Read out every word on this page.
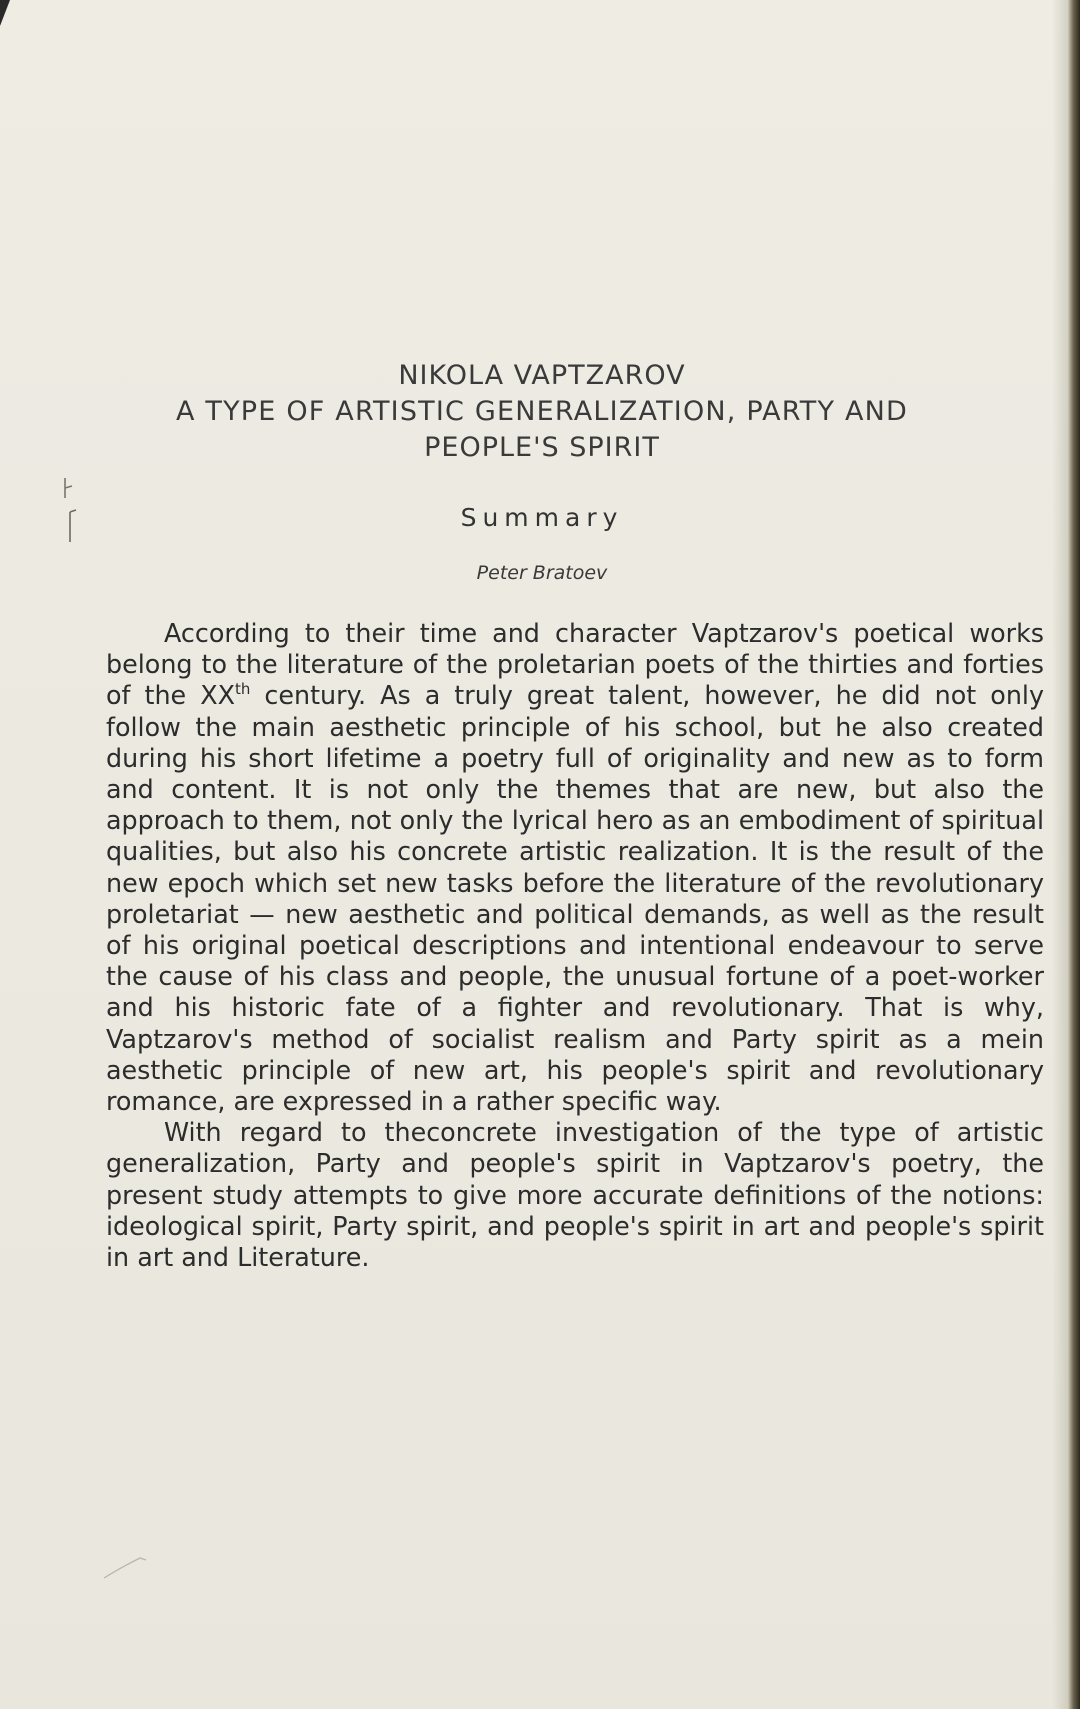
NIKOLA VAPTZAROV
A TYPE OF ARTISTIC GENERALIZATION, PARTY AND
PEOPLE'S SPIRIT
Summary
Peter Bratoev

According to their time and character Vaptzarov's poetical works belong to the literature of the proletarian poets of the thirties and forties of the XXth century. As a truly great talent, however, he did not only follow the main aesthetic principle of his school, but he also created during his short lifetime a poetry full of originality and new as to form and content. It is not only the themes that are new, but also the approach to them, not only the lyrical hero as an embodiment of spiritual qualities, but also his concrete artistic realization. It is the result of the new epoch which set new tasks before the literature of the revolutionary proletariat — new aesthetic and political demands, as well as the result of his original poetical descriptions and intentional endeavour to serve the cause of his class and people, the unusual fortune of a poet-worker and his historic fate of a fighter and revolutionary. That is why, Vaptzarov's method of socialist realism and Party spirit as a mein aesthetic principle of new art, his people's spirit and revolutionary romance, are expressed in a rather specific way.

With regard to theconcrete investigation of the type of artistic generalization, Party and people's spirit in Vaptzarov's poetry, the present study attempts to give more accurate definitions of the notions: ideological spirit, Party spirit, and people's spirit in art and people's spirit in art and Literature.
